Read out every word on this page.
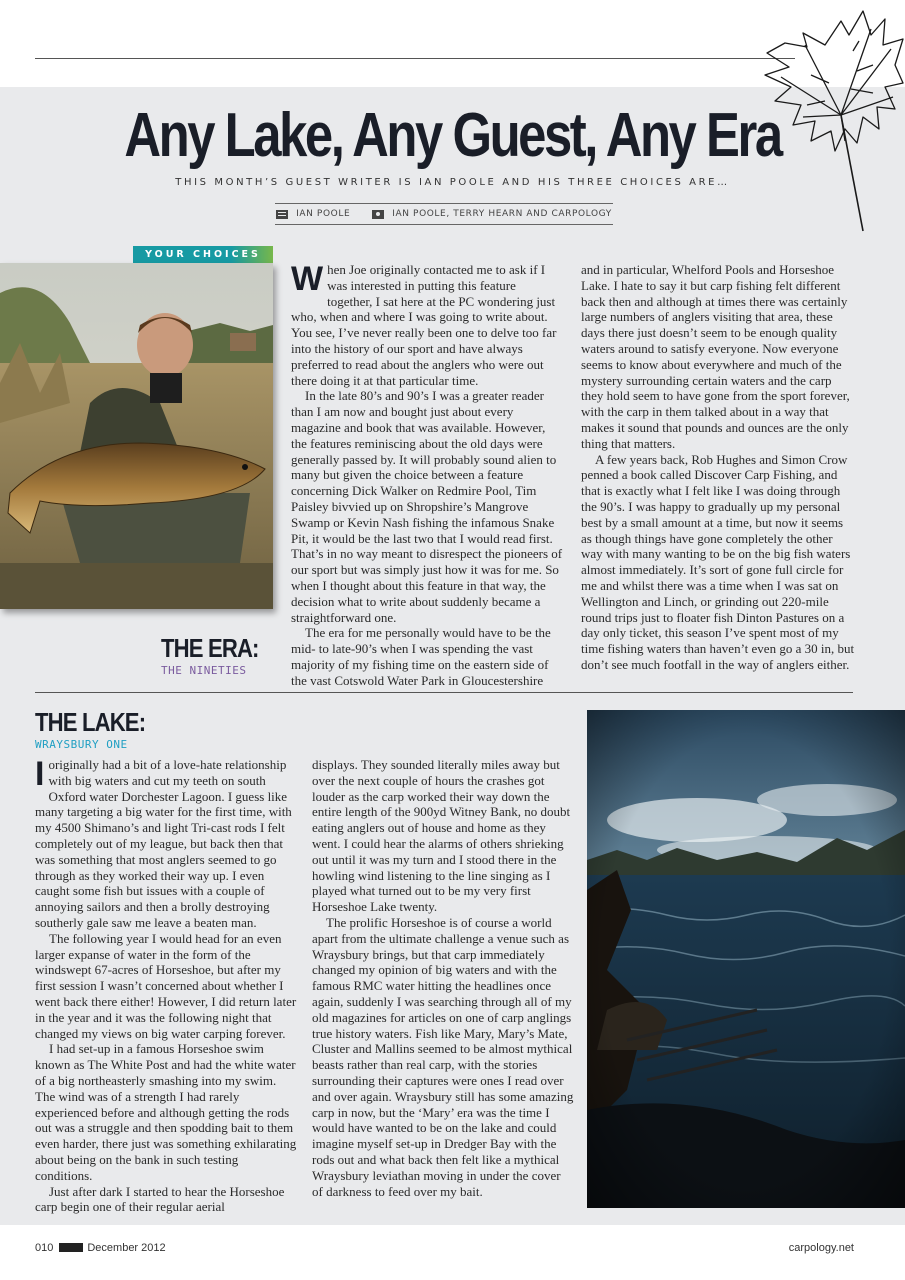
Any Lake, Any Guest, Any Era
THIS MONTH’S GUEST WRITER IS IAN POOLE AND HIS THREE CHOICES ARE…
IAN POOLE	IAN POOLE, TERRY HEARN AND CARPOLOGY
YOUR CHOICES
THE ERA:
THE NINETIES
W hen Joe originally contacted me to ask if I was interested in putting this feature together, I sat here at the PC wondering just who, when and where I was going to write about. You see, I’ve never really been one to delve too far into the history of our sport and have always preferred to read about the anglers who were out there doing it at that particular time.

In the late 80’s and 90’s I was a greater reader than I am now and bought just about every magazine and book that was available. However, the features reminiscing about the old days were generally passed by. It will probably sound alien to many but given the choice between a feature concerning Dick Walker on Redmire Pool, Tim Paisley bivvied up on Shropshire’s Mangrove Swamp or Kevin Nash fishing the infamous Snake Pit, it would be the last two that I would read first. That’s in no way meant to disrespect the pioneers of our sport but was simply just how it was for me. So when I thought about this feature in that way, the decision what to write about suddenly became a straightforward one.

The era for me personally would have to be the mid- to late-90’s when I was spending the vast majority of my fishing time on the eastern side of the vast Cotswold Water Park in Gloucestershire

and in particular, Whelford Pools and Horseshoe Lake. I hate to say it but carp fishing felt different back then and although at times there was certainly large numbers of anglers visiting that area, these days there just doesn’t seem to be enough quality waters around to satisfy everyone. Now everyone seems to know about everywhere and much of the mystery surrounding certain waters and the carp they hold seem to have gone from the sport forever, with the carp in them talked about in a way that makes it sound that pounds and ounces are the only thing that matters.

A few years back, Rob Hughes and Simon Crow penned a book called Discover Carp Fishing, and that is exactly what I felt like I was doing through the 90’s. I was happy to gradually up my personal best by a small amount at a time, but now it seems as though things have gone completely the other way with many wanting to be on the big fish waters almost immediately. It’s sort of gone full circle for me and whilst there was a time when I was sat on Wellington and Linch, or grinding out 220-mile round trips just to floater fish Dinton Pastures on a day only ticket, this season I’ve spent most of my time fishing waters than haven’t even go a 30 in, but don’t see much footfall in the way of anglers either.

THE LAKE:
WRAYSBURY ONE
I originally had a bit of a love-hate relationship with big waters and cut my teeth on south Oxford water Dorchester Lagoon. I guess like many targeting a big water for the first time, with my 4500 Shimano’s and light Tri-cast rods I felt completely out of my league, but back then that was something that most anglers seemed to go through as they worked their way up. I even caught some fish but issues with a couple of annoying sailors and then a brolly destroying southerly gale saw me leave a beaten man.

The following year I would head for an even larger expanse of water in the form of the windswept 67-acres of Horseshoe, but after my first session I wasn’t concerned about whether I went back there either! However, I did return later in the year and it was the following night that changed my views on big water carping forever.

I had set-up in a famous Horseshoe swim known as The White Post and had the white water of a big northeasterly smashing into my swim. The wind was of a strength I had rarely experienced before and although getting the rods out was a struggle and then spodding bait to them even harder, there just was something exhilarating about being on the bank in such testing conditions.

Just after dark I started to hear the Horseshoe carp begin one of their regular aerial

displays. They sounded literally miles away but over the next couple of hours the crashes got louder as the carp worked their way down the entire length of the 900yd Witney Bank, no doubt eating anglers out of house and home as they went. I could hear the alarms of others shrieking out until it was my turn and I stood there in the howling wind listening to the line singing as I played what turned out to be my very first Horseshoe Lake twenty.

The prolific Horseshoe is of course a world apart from the ultimate challenge a venue such as Wraysbury brings, but that carp immediately changed my opinion of big waters and with the famous RMC water hitting the headlines once again, suddenly I was searching through all of my old magazines for articles on one of carp anglings true history waters. Fish like Mary, Mary’s Mate, Cluster and Mallins seemed to be almost mythical beasts rather than real carp, with the stories surrounding their captures were ones I read over and over again. Wraysbury still has some amazing carp in now, but the ‘Mary’ era was the time I would have wanted to be on the lake and could imagine myself set-up in Dredger Bay with the rods out and what back then felt like a mythical Wraysbury leviathan moving in under the cover of darkness to feed over my bait.

010	December 2012	carpology.net
